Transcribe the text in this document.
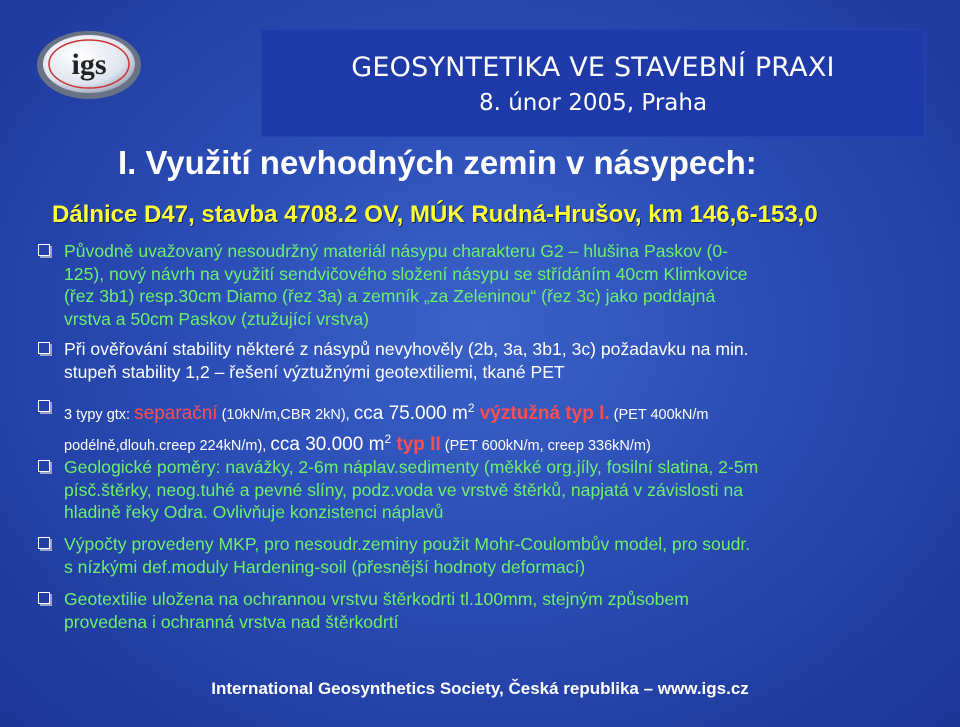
igs	GEOSYNTETIKA VE STAVEBNÍ PRAXI
8. únor 2005, Praha
I. Využití nevhodných zemin v násypech:
Dálnice D47, stavba 4708.2 OV, MÚK Rudná-Hrušov, km 146,6-153,0
Původně uvažovaný nesoudržný materiál násypu charakteru G2 – hlušina Paskov (0-
125), nový návrh na využití sendvičového složení násypu se střídáním 40cm Klimkovice
(řez 3b1) resp.30cm Diamo (řez 3a) a zemník „za Zeleninou“ (řez 3c) jako poddajná
vrstva a 50cm Paskov (ztužující vrstva)
Při ověřování stability některé z násypů nevyhověly (2b, 3a, 3b1, 3c) požadavku na min.
stupeň stability 1,2 – řešení výztužnými geotextiliemi, tkané PET
3 typy gtx: separační (10kN/m,CBR 2kN), cca 75.000 $m^2$ výztužná typ I. (PET 400kN/m
podélně,dlouh.creep 224kN/m), cca 30.000 $m^2$ typ II (PET 600kN/m, creep 336kN/m)
Geologické poměry: navážky, 2-6m náplav.sedimenty (měkké org.jíly, fosilní slatina, 2-5m
písč.štěrky, neog.tuhé a pevné slíny, podz.voda ve vrstvě štěrků, napjatá v závislosti na
hladině řeky Odra. Ovlivňuje konzistenci náplavů
Výpočty provedeny MKP, pro nesoudr.zeminy použit Mohr-Coulombův model, pro soudr.
s nízkými def.moduly Hardening-soil (přesnější hodnoty deformací)
Geotextilie uložena na ochrannou vrstvu štěrkodrti tl.100mm, stejným způsobem
provedena i ochranná vrstva nad štěrkodrtí
International Geosynthetics Society, Česká republika – www.igs.cz
